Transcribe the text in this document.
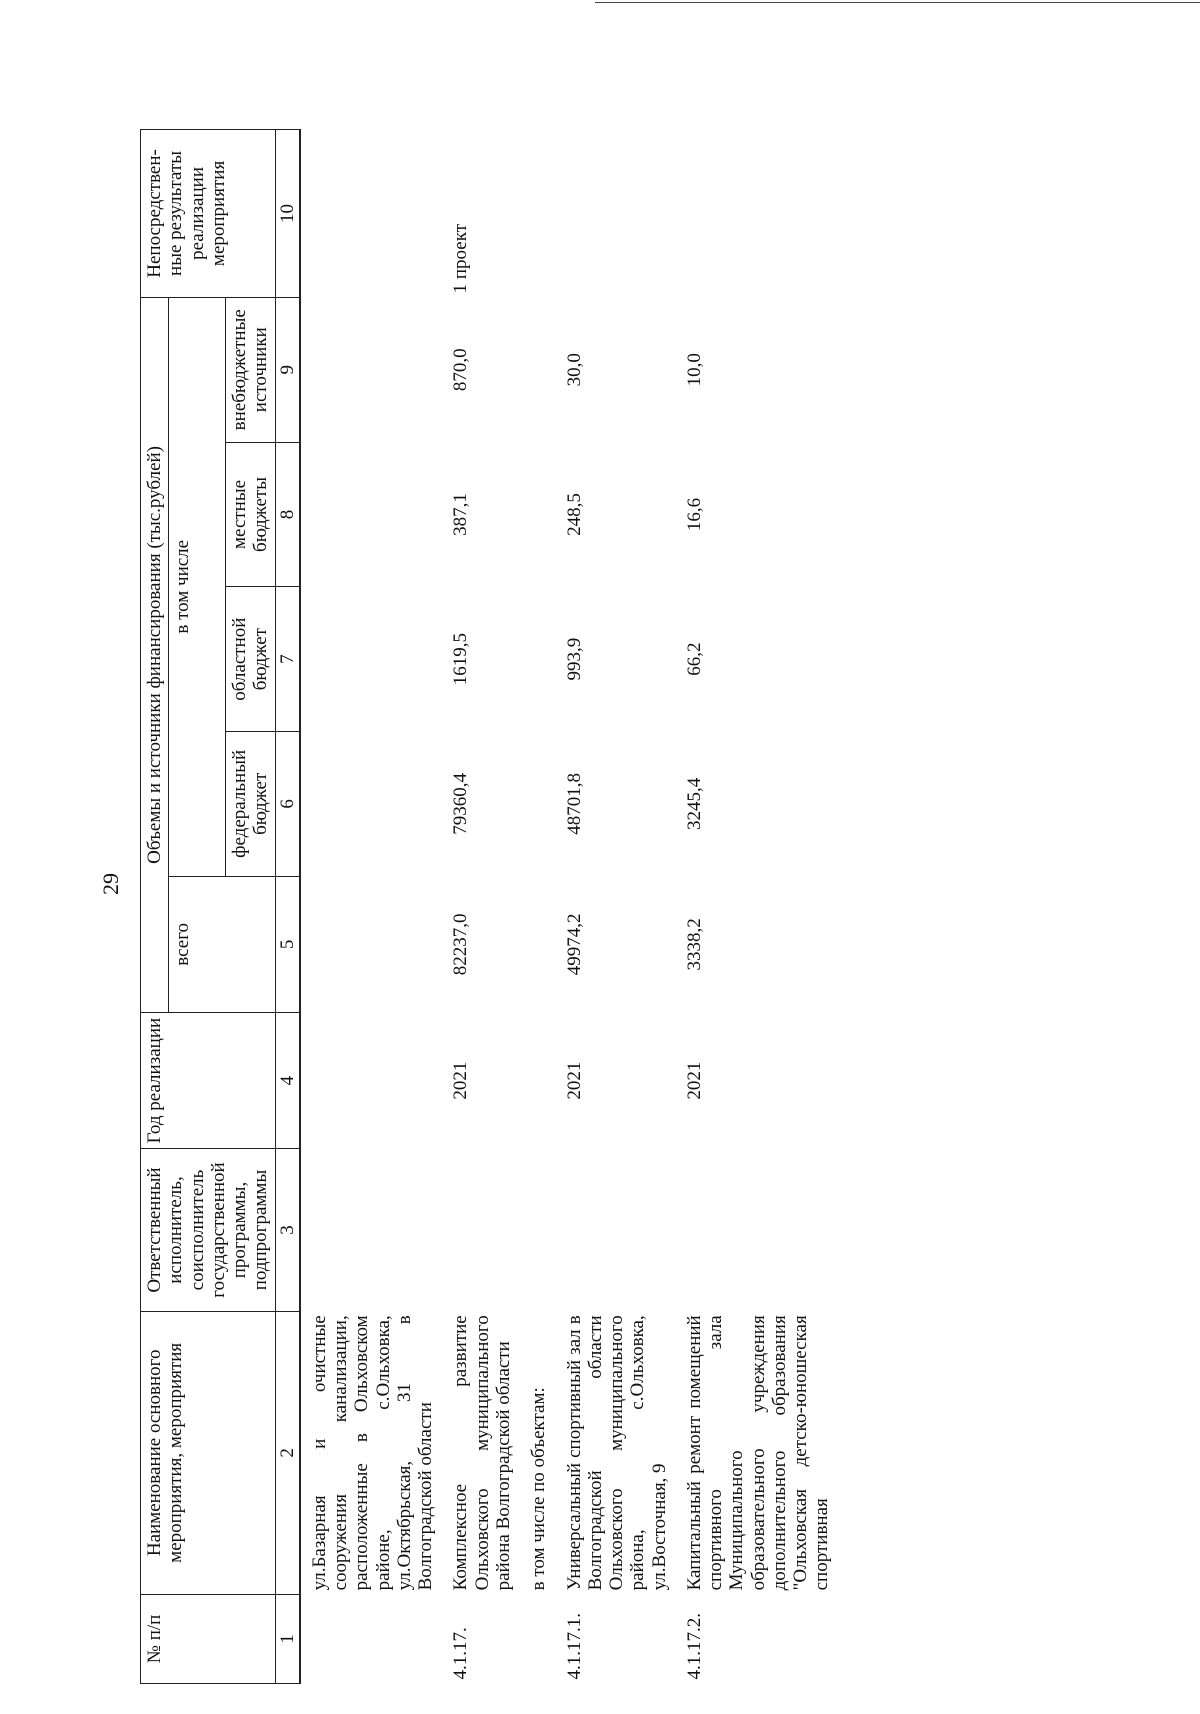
29
№ п/п	Наименование основного мероприятия, мероприятия	Ответственный исполнитель, соисполнитель государственной программы, подпрограммы	Год реализации	Объемы и источники финансирования (тыс.рублей)					Непосредствен-ные результаты реализации мероприятия
				всего	в том числе				
					федеральный бюджет	областной бюджет	местные бюджеты	внебюджетные источники	
1	2	3	4	5	6	7	8	9	10
	ул.Базарная и очистные сооружения канализации, расположенные в Ольховском районе, с.Ольховка, ул.Октябрьская, 31 в Волгоградской области								
4.1.17.	Комплексное развитие Ольховского муниципального района Волгоградской области		2021	82237,0	79360,4	1619,5	387,1	870,0	1 проект
	в том числе по объектам:								
4.1.17.1.	Универсальный спортивный зал в Волгоградской области Ольховского муниципального района, с.Ольховка, ул.Восточная, 9		2021	49974,2	48701,8	993,9	248,5	30,0	
4.1.17.2.	Капитальный ремонт помещений спортивного зала Муниципального образовательного учреждения дополнительного образования "Ольховская детско-юношеская спортивная		2021	3338,2	3245,4	66,2	16,6	10,0	
